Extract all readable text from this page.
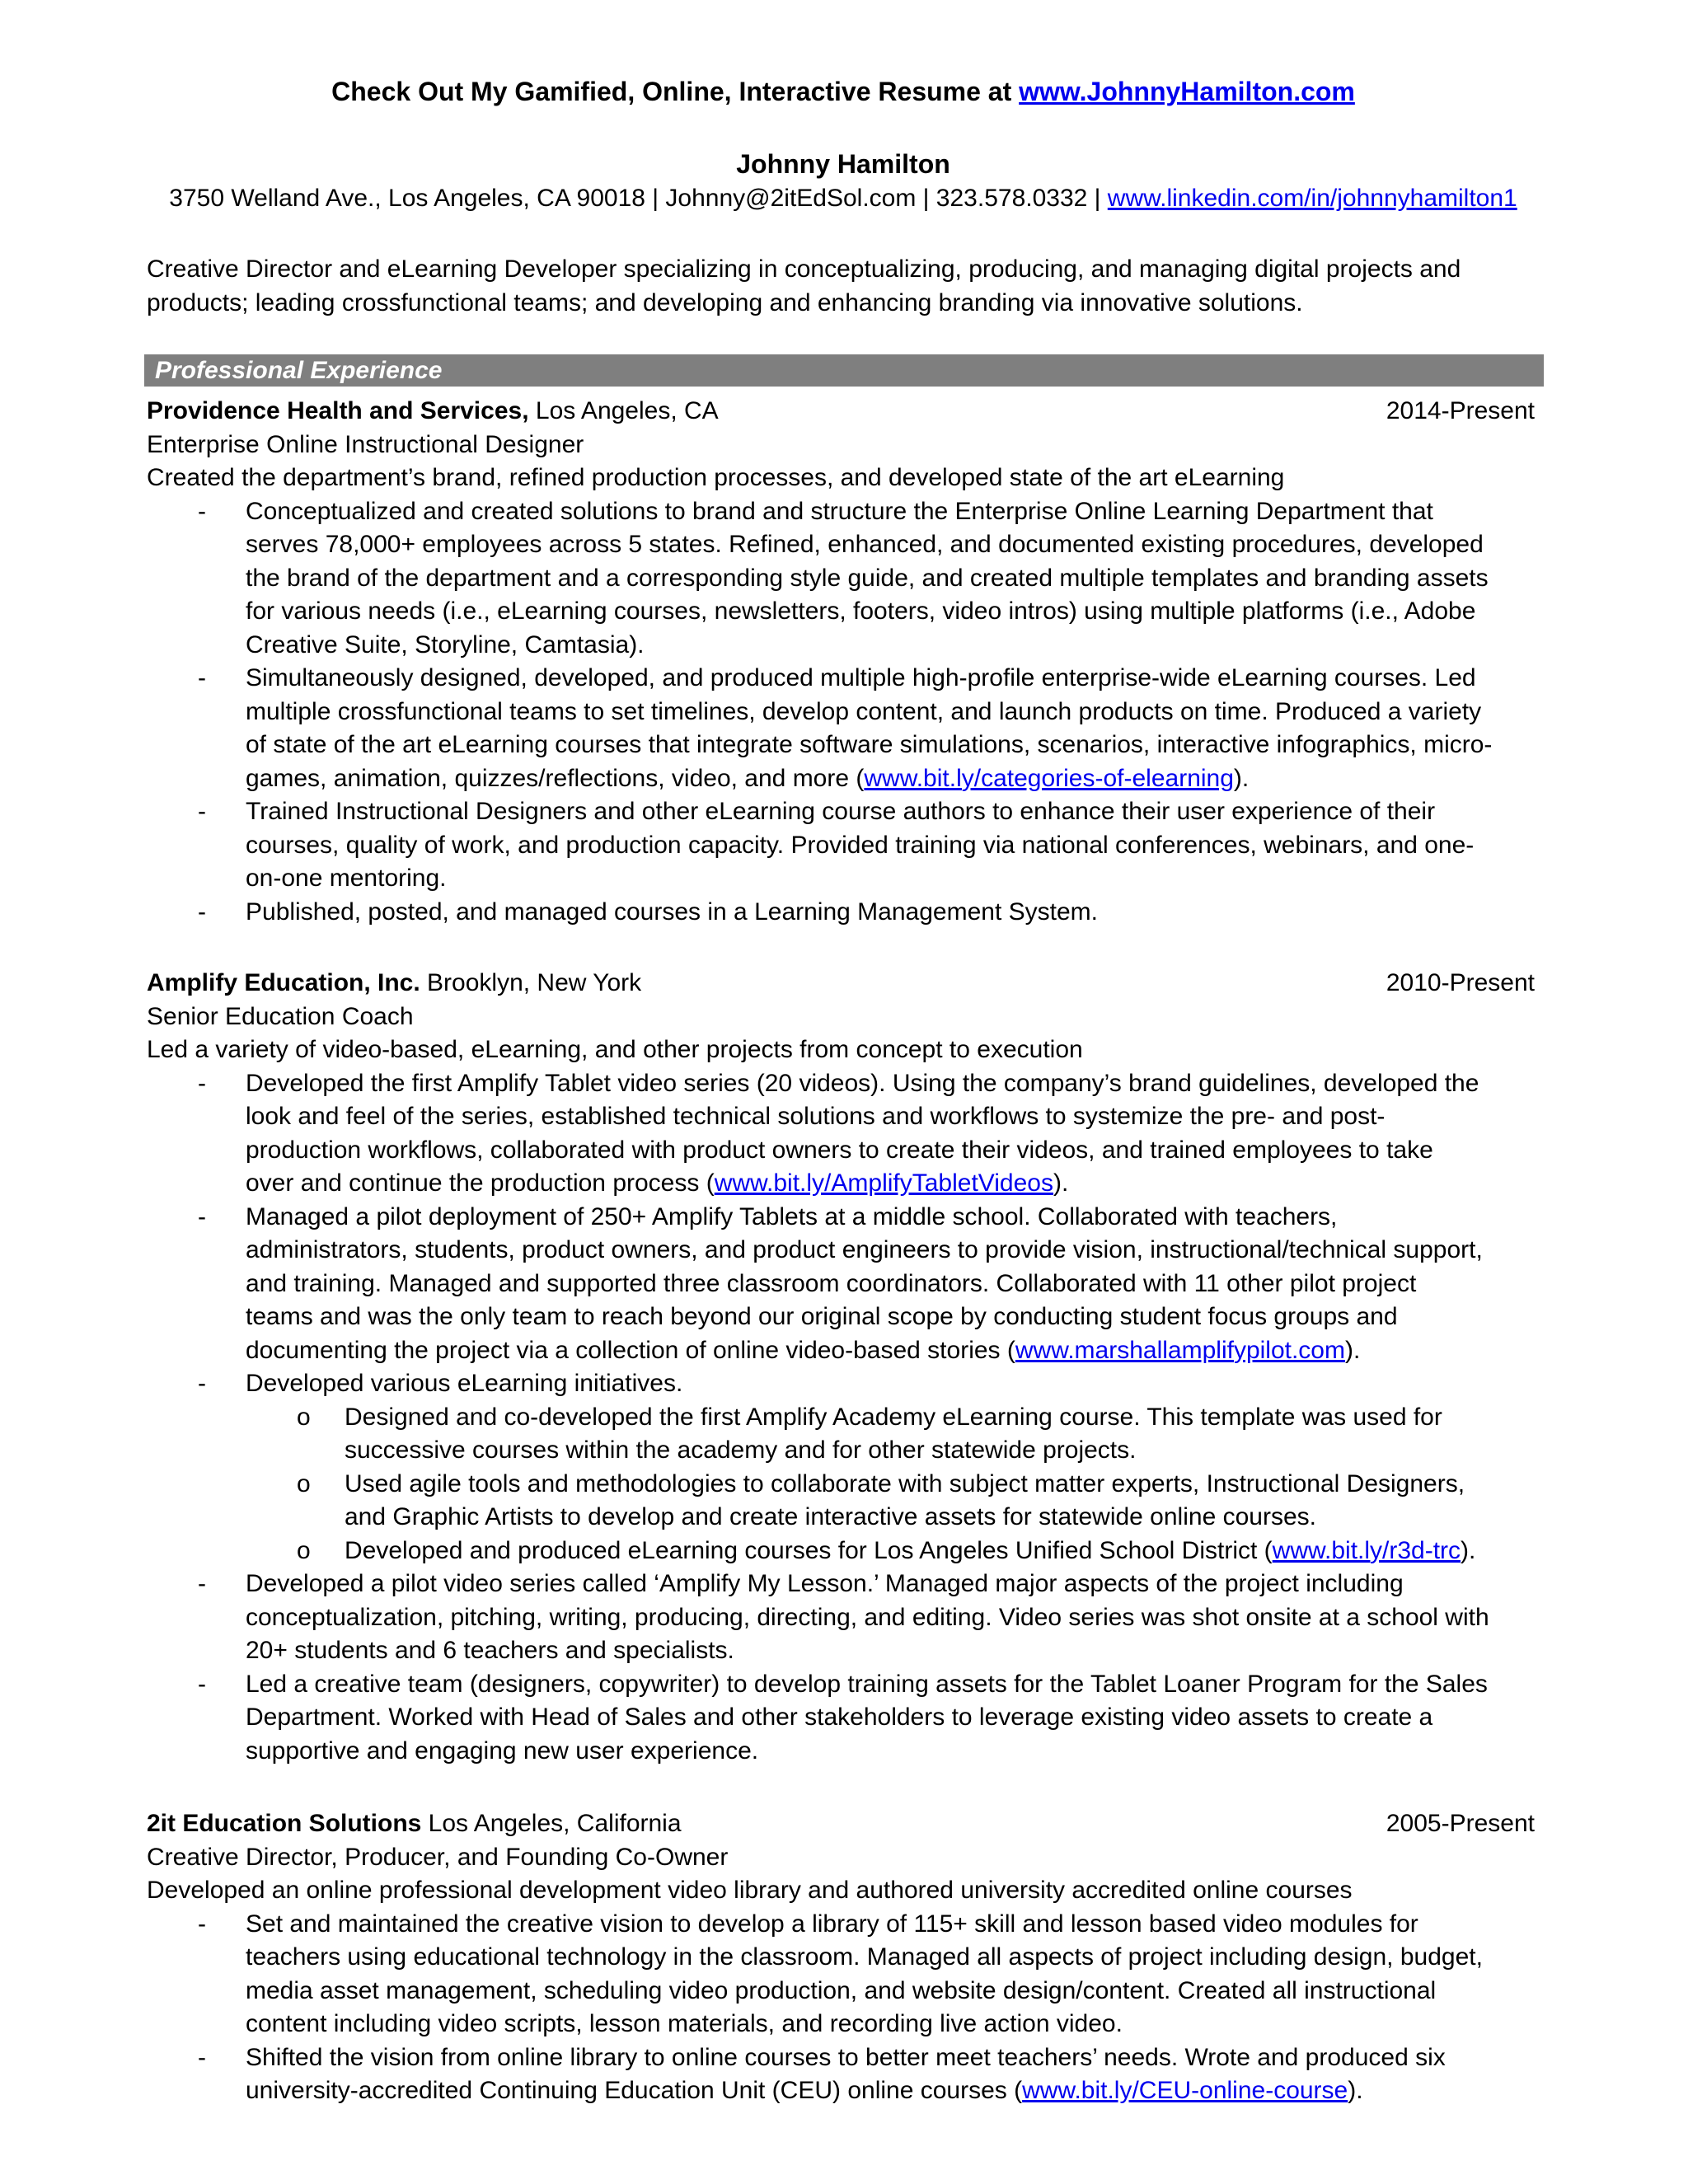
Check Out My Gamified, Online, Interactive Resume at www.JohnnyHamilton.com
Johnny Hamilton
3750 Welland Ave., Los Angeles, CA 90018 | Johnny@2itEdSol.com | 323.578.0332 | www.linkedin.com/in/johnnyhamilton1
Creative Director and eLearning Developer specializing in conceptualizing, producing, and managing digital projects and
products; leading crossfunctional teams; and developing and enhancing branding via innovative solutions.
Professional Experience
Providence Health and Services, Los Angeles, CA	2014-Present
Enterprise Online Instructional Designer
Created the department’s brand, refined production processes, and developed state of the art eLearning
- Conceptualized and created solutions to brand and structure the Enterprise Online Learning Department that
serves 78,000+ employees across 5 states. Refined, enhanced, and documented existing procedures, developed
the brand of the department and a corresponding style guide, and created multiple templates and branding assets
for various needs (i.e., eLearning courses, newsletters, footers, video intros) using multiple platforms (i.e., Adobe
Creative Suite, Storyline, Camtasia).
- Simultaneously designed, developed, and produced multiple high-profile enterprise-wide eLearning courses. Led
multiple crossfunctional teams to set timelines, develop content, and launch products on time. Produced a variety
of state of the art eLearning courses that integrate software simulations, scenarios, interactive infographics, micro-
games, animation, quizzes/reflections, video, and more (www.bit.ly/categories-of-elearning).
- Trained Instructional Designers and other eLearning course authors to enhance their user experience of their
courses, quality of work, and production capacity. Provided training via national conferences, webinars, and one-
on-one mentoring.
- Published, posted, and managed courses in a Learning Management System.
Amplify Education, Inc. Brooklyn, New York	2010-Present
Senior Education Coach
Led a variety of video-based, eLearning, and other projects from concept to execution
- Developed the first Amplify Tablet video series (20 videos). Using the company’s brand guidelines, developed the
look and feel of the series, established technical solutions and workflows to systemize the pre- and post-
production workflows, collaborated with product owners to create their videos, and trained employees to take
over and continue the production process (www.bit.ly/AmplifyTabletVideos).
- Managed a pilot deployment of 250+ Amplify Tablets at a middle school. Collaborated with teachers,
administrators, students, product owners, and product engineers to provide vision, instructional/technical support,
and training. Managed and supported three classroom coordinators. Collaborated with 11 other pilot project
teams and was the only team to reach beyond our original scope by conducting student focus groups and
documenting the project via a collection of online video-based stories (www.marshallamplifypilot.com).
- Developed various eLearning initiatives.
o Designed and co-developed the first Amplify Academy eLearning course. This template was used for
successive courses within the academy and for other statewide projects.
o Used agile tools and methodologies to collaborate with subject matter experts, Instructional Designers,
and Graphic Artists to develop and create interactive assets for statewide online courses.
o Developed and produced eLearning courses for Los Angeles Unified School District (www.bit.ly/r3d-trc).
- Developed a pilot video series called ‘Amplify My Lesson.’ Managed major aspects of the project including
conceptualization, pitching, writing, producing, directing, and editing. Video series was shot onsite at a school with
20+ students and 6 teachers and specialists.
- Led a creative team (designers, copywriter) to develop training assets for the Tablet Loaner Program for the Sales
Department. Worked with Head of Sales and other stakeholders to leverage existing video assets to create a
supportive and engaging new user experience.
2it Education Solutions Los Angeles, California	2005-Present
Creative Director, Producer, and Founding Co-Owner
Developed an online professional development video library and authored university accredited online courses
- Set and maintained the creative vision to develop a library of 115+ skill and lesson based video modules for
teachers using educational technology in the classroom. Managed all aspects of project including design, budget,
media asset management, scheduling video production, and website design/content. Created all instructional
content including video scripts, lesson materials, and recording live action video.
- Shifted the vision from online library to online courses to better meet teachers’ needs. Wrote and produced six
university-accredited Continuing Education Unit (CEU) online courses (www.bit.ly/CEU-online-course).
